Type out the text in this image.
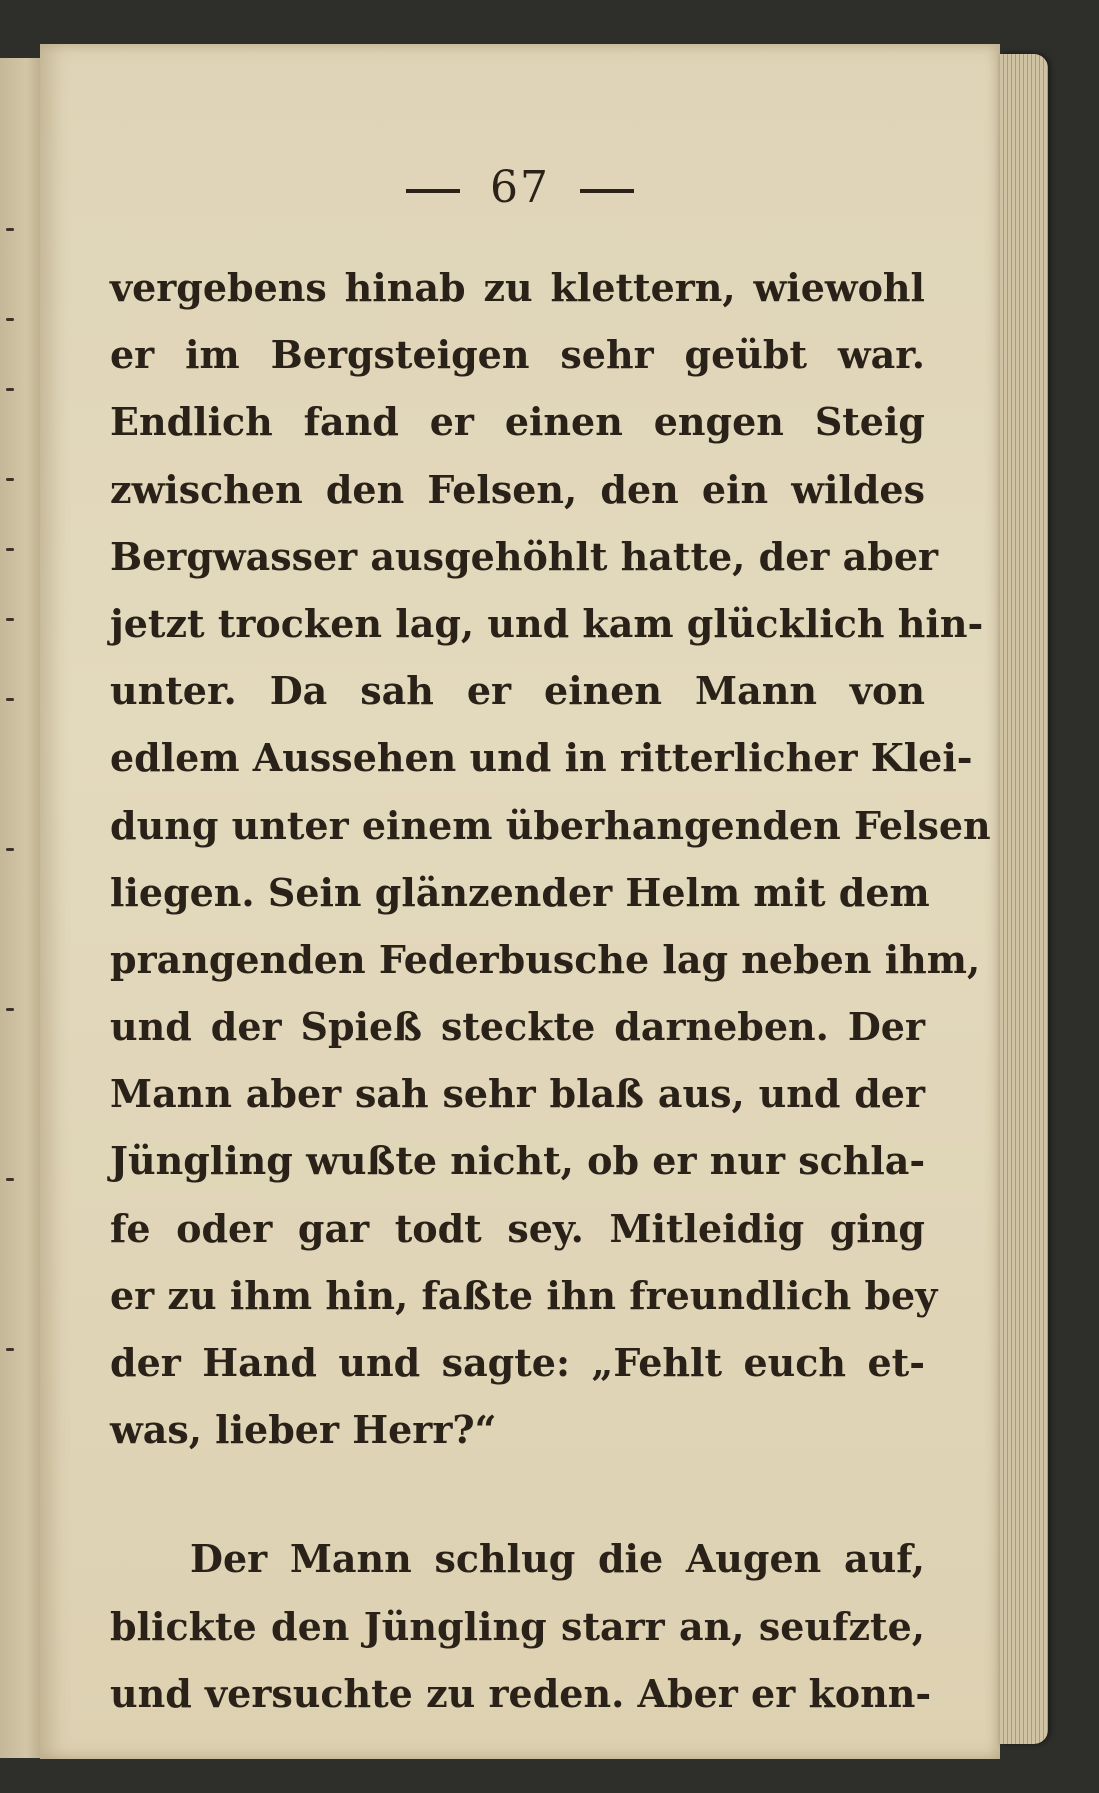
67
vergebens hinab zu klettern, wiewohl
er im Bergsteigen sehr geübt war.
Endlich fand er einen engen Steig
zwischen den Felsen, den ein wildes
Bergwasser ausgehöhlt hatte, der aber
jetzt trocken lag, und kam glücklich hin-
unter. Da sah er einen Mann von
edlem Aussehen und in ritterlicher Klei-
dung unter einem überhangenden Felsen
liegen. Sein glänzender Helm mit dem
prangenden Federbusche lag neben ihm,
und der Spieß steckte darneben. Der
Mann aber sah sehr blaß aus, und der
Jüngling wußte nicht, ob er nur schla-
fe oder gar todt sey. Mitleidig ging
er zu ihm hin, faßte ihn freundlich bey
der Hand und sagte: „Fehlt euch et-
was, lieber Herr?“
Der Mann schlug die Augen auf,
blickte den Jüngling starr an, seufzte,
und versuchte zu reden. Aber er konn-
